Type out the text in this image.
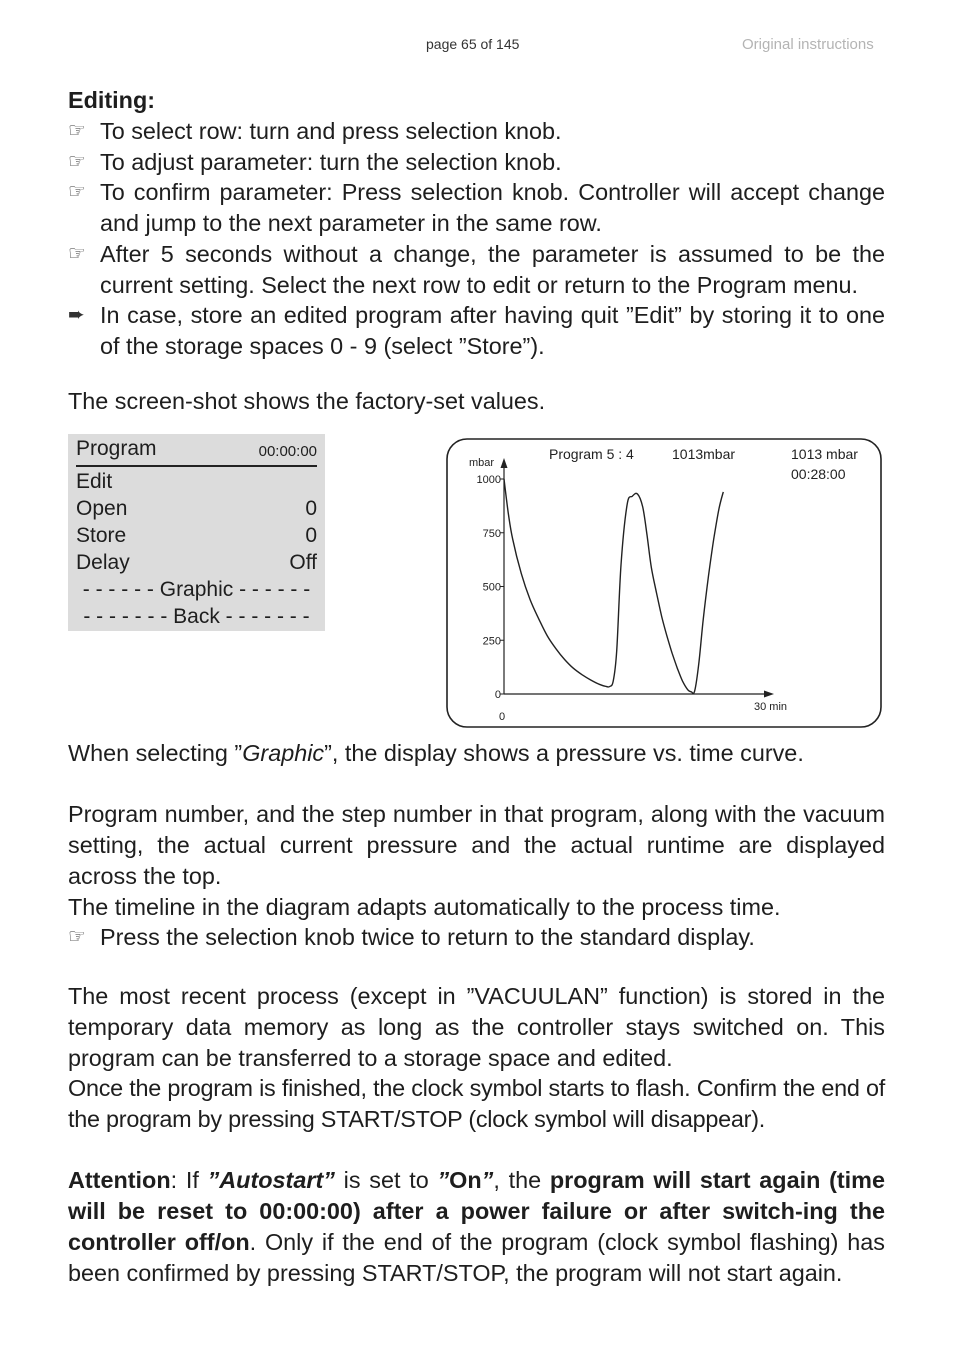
page 65 of 145	Original instructions
Editing:
☞ To select row: turn and press selection knob.
☞ To adjust parameter: turn the selection knob.
☞ To confirm parameter: Press selection knob. Controller will accept change and jump to the next parameter in the same row.
☞ After 5 seconds without a change, the parameter is assumed to be the current setting. Select the next row to edit or return to the Program menu.
➨ In case, store an edited program after having quit ”Edit” by storing it to one of the storage spaces 0 - 9 (select ”Store”).
The screen-shot shows the factory-set values.
Program	00:00:00
Edit
Open	0
Store	0
Delay	Off
- - - - - - Graphic - - - - - -
- - - - - - - Back - - - - - - -
Program 5 : 4	1013mbar	1013 mbar
00:28:00
mbar
0
30 min
1000
750
500
250
0
When selecting ”Graphic”, the display shows a pressure vs. time curve.
Program number, and the step number in that program, along with the vacuum setting, the actual current pressure and the actual runtime are displayed across the top.
The timeline in the diagram adapts automatically to the process time.
☞ Press the selection knob twice to return to the standard display.
The most recent process (except in ”VACUULAN” function) is stored in the temporary data memory as long as the controller stays switched on. This program can be transferred to a storage space and edited.
Once the program is finished, the clock symbol starts to flash. Confirm the end of the program by pressing START/STOP (clock symbol will disappear).
Attention: If ”Autostart” is set to ”On”, the program will start again (time will be reset to 00:00:00) after a power failure or after switch-ing the controller off/on. Only if the end of the program (clock symbol flashing) has been confirmed by pressing START/STOP, the program will not start again.
